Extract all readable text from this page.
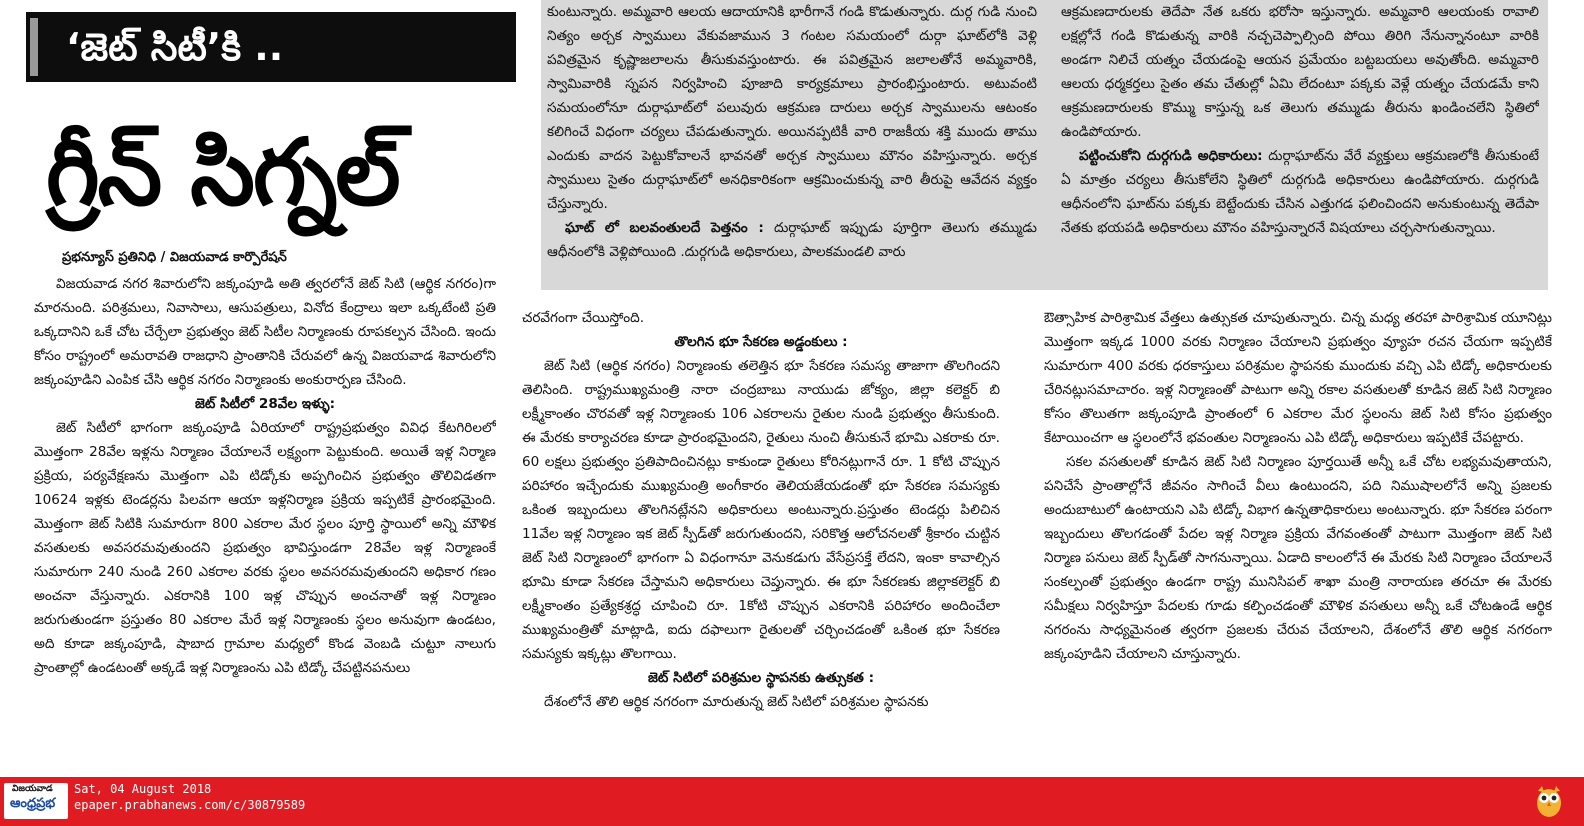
‘జెట్ సిటీ’కి ..
గ్రీన్ సిగ్నల్
ప్రభన్యూస్ ప్రతినిధి / విజయవాడ కార్పొరేషన్

విజయవాడ నగర శివారులోని జక్కంపూడి అతి త్వరలోనే జెట్ సిటి (ఆర్థిక నగరం)గా మారనుంది. పరిశ్రమలు, నివాసాలు, ఆసుపత్రులు, వినోద కేంద్రాలు ఇలా ఒక్కటేంటి ప్రతి ఒక్కదానిని ఒకే చోట చేర్చేలా ప్రభుత్వం జెట్ సిటీల నిర్మాణంకు రూపకల్పన చేసింది. ఇందు కోసం రాష్ట్రంలో అమరావతి రాజధాని ప్రాంతానికి చేరువలో ఉన్న విజయవాడ శివారులోని జక్కంపూడిని ఎంపిక చేసి ఆర్థిక నగరం నిర్మాణంకు అంకురార్పణ చేసింది.

జెట్ సిటీలో 28వేల ఇళ్ళు:

జెట్ సిటీలో భాగంగా జక్కంపూడి ఏరియాలో రాష్ట్రప్రభుత్వం వివిధ కేటగిరిలలో మొత్తంగా 28వేల ఇళ్లను నిర్మాణం చేయాలనే లక్ష్యంగా పెట్టుకుంది. అయితే ఇళ్ల నిర్మాణ ప్రక్రియ, పర్యవేక్షణను మొత్తంగా ఎపి టిడ్కోకు అప్పగించిన ప్రభుత్వం తొలివిడతగా 10624 ఇళ్లకు టెండర్లను పిలవగా ఆయా ఇళ్లనిర్మాణ ప్రక్రియ ఇప్పటికే ప్రారంభమైంది. మొత్తంగా జెట్ సిటికి సుమారుగా 800 ఎకరాల మేర స్థలం పూర్తి స్థాయిలో అన్ని మౌళిక వసతులకు అవసరమవుతుందని ప్రభుత్వం భావిస్తుండగా 28వేల ఇళ్ల నిర్మాణంకే సుమారుగా 240 నుండి 260 ఎకరాల వరకు స్థలం అవసరమవుతుందని అధికార గణం అంచనా వేస్తున్నారు. ఎకరానికి 100 ఇళ్ల చొప్పున అంచనాతో ఇళ్ల నిర్మాణం జరుగుతుండగా ప్రస్తుతం 80 ఎకరాల మేరే ఇళ్ల నిర్మాణంకు స్థలం అనువుగా ఉండటం, అది కూడా జక్కంపూడి, షాబాద గ్రామాల మధ్యలో కొండ వెంబడి చుట్టూ నాలుగు ప్రాంతాల్లో ఉండటంతో అక్కడే ఇళ్ల నిర్మాణంను ఎపి టిడ్కో చేపట్టినపనులు

కుంటున్నారు. అమ్మవారి ఆలయ ఆదాయానికి భారీగానే గండి కొడుతున్నారు. దుర్గ గుడి నుంచి నిత్యం అర్చక స్వాములు వేకువజామున 3 గంటల సమయంలో దుర్గా ఘాట్‌లోకి వెళ్లి పవిత్రమైన కృష్ణాజలాలను తీసుకువస్తుంటారు. ఈ పవిత్రమైన జలాలతోనే అమ్మవారికి, స్వామివారికి స్నపన నిర్వహించి పూజాది కార్యక్రమాలు ప్రారంభిస్తుంటారు. అటువంటి సమయంలోనూ దుర్గాఘాట్‌లో పలువురు ఆక్రమణ దారులు అర్చక స్వాములను ఆటంకం కలిగించే విధంగా చర్యలు చేపడుతున్నారు. అయినప్పటికీ వారి రాజకీయ శక్తి ముందు తాము ఎందుకు వాదన పెట్టుకోవాలనే భావనతో అర్చక స్వాములు మౌనం వహిస్తున్నారు. అర్చక స్వాములు సైతం దుర్గాఘాట్‌లో అనధికారికంగా ఆక్రమించుకున్న వారి తీరుపై ఆవేదన వ్యక్తం చేస్తున్నారు.

ఘాట్ లో బలవంతులదే పెత్తనం : దుర్గాఘాట్ ఇప్పుడు పూర్తిగా తెలుగు తమ్ముడు ఆధీనంలోకి వెళ్లిపోయింది .దుర్గగుడి అధికారులు, పాలకమండలి వారు

ఆక్రమణదారులకు తెదేపా నేత ఒకరు భరోసా ఇస్తున్నారు. అమ్మవారి ఆలయంకు రావాలి లక్షల్లోనే గండి కొడుతున్న వారికి నచ్చచెప్పాల్సింది పోయి తిరిగి నేనున్నానంటూ వారికి అండగా నిలిచే యత్నం చేయడంపై ఆయన ప్రమేయం బట్టబయలు అవుతోంది. అమ్మవారి ఆలయ ధర్మకర్తలు సైతం తమ చేతుల్లో ఏమి లేదంటూ పక్కకు వెళ్లే యత్నం చేయడమే కాని ఆక్రమణదారులకు కొమ్ము కాస్తున్న ఒక తెలుగు తమ్ముడు తీరును ఖండించలేని స్థితిలో ఉండిపోయారు.

పట్టించుకోని దుర్గగుడి అధికారులు: దుర్గాఘాట్‌ను వేరే వ్యక్తులు ఆక్రమణలోకి తీసుకుంటే ఏ మాత్రం చర్యలు తీసుకోలేని స్థితిలో దుర్గగుడి అధికారులు ఉండిపోయారు. దుర్గగుడి ఆధీనంలోని ఘాట్‌ను పక్కకు బెట్టేందుకు చేసిన ఎత్తుగడ ఫలించిందని అనుకుంటున్న తెదేపా నేతకు భయపడి అధికారులు మౌనం వహిస్తున్నారనే విషయాలు చర్చసాగుతున్నాయి.

చరవేగంగా చేయిస్తోంది.

తొలగిన భూ సేకరణ అడ్డంకులు :

జెట్ సిటి (ఆర్థిక నగరం) నిర్మాణంకు తలెత్తిన భూ సేకరణ సమస్య తాజాగా తొలగిందని తెలిసింది. రాష్ట్రముఖ్యమంత్రి నారా చంద్రబాబు నాయుడు జోక్యం, జిల్లా కలెక్టర్ బి లక్ష్మీకాంతం చొరవతో ఇళ్ల నిర్మాణంకు 106 ఎకరాలను రైతుల నుండి ప్రభుత్వం తీసుకుంది. ఈ మేరకు కార్యాచరణ కూడా ప్రారంభమైందని, రైతులు నుంచి తీసుకునే భూమి ఎకరాకు రూ. 60 లక్షలు ప్రభుత్వం ప్రతిపాదించినట్లు కాకుండా రైతులు కోరినట్లుగానే రూ. 1 కోటి చొప్పున పరిహారం ఇచ్చేందుకు ముఖ్యమంత్రి అంగీకారం తెలియజేయడంతో భూ సేకరణ సమస్యకు ఒకింత ఇబ్బందులు తొలగినట్లేనని అధికారులు అంటున్నారు.ప్రస్తుతం టెండర్లు పిలిచిన 11వేల ఇళ్ల నిర్మాణం ఇక జెట్ స్పీడ్‌తో జరుగుతుందని, సరికొత్త ఆలోచనలతో శ్రీకారం చుట్టిన జెట్ సిటి నిర్మాణంలో భాగంగా ఏ విధంగానూ వెనుకడుగు వేసేప్రసక్తే లేదని, ఇంకా కావాల్సిన భూమి కూడా సేకరణ చేస్తామని అధికారులు చెప్తున్నారు. ఈ భూ సేకరణకు జిల్లాకలెక్టర్ బి లక్ష్మీకాంతం ప్రత్యేకశ్రద్ధ చూపించి రూ. 1కోటి చొప్పున ఎకరానికి పరిహారం అందించేలా ముఖ్యమంత్రితో మాట్లాడి, ఐదు దఫాలుగా రైతులతో చర్చించడంతో ఒకింత భూ సేకరణ సమస్యకు ఇక్కట్లు తొలగాయి.

జెట్ సిటిలో పరిశ్రమల స్థాపనకు ఉత్సుకత :

దేశంలోనే తొలి ఆర్థిక నగరంగా మారుతున్న జెట్ సిటిలో పరిశ్రమల స్థాపనకు

ఔత్సాహిక పారిశ్రామిక వేత్తలు ఉత్సుకత చూపుతున్నారు. చిన్న మధ్య తరహా పారిశ్రామిక యూనిట్లు మొత్తంగా ఇక్కడ 1000 వరకు నిర్మాణం చేయాలని ప్రభుత్వం వ్యూహ రచన చేయగా ఇప్పటికే సుమారుగా 400 వరకు ధరకాస్తులు పరిశ్రమల స్థాపనకు ముందుకు వచ్చి ఎపి టిడ్కో అధికారులకు చేరినట్లుసమాచారం. ఇళ్ల నిర్మాణంతో పాటుగా అన్ని రకాల వసతులతో కూడిన జెట్ సిటి నిర్మాణం కోసం తొలుతగా జక్కంపూడి ప్రాంతంలో 6 ఎకరాల మేర స్థలంను జెట్ సిటి కోసం ప్రభుత్వం కేటాయించగా ఆ స్థలంలోనే భవంతుల నిర్మాణంను ఎపి టిడ్కో అధికారులు ఇప్పటికే చేపట్టారు.

సకల వసతులతో కూడిన జెట్ సిటి నిర్మాణం పూర్తయితే అన్నీ ఒకే చోట లభ్యమవుతాయని, పనిచేసే ప్రాంతాల్లోనే జీవనం సాగించే వీలు ఉంటుందని, పది నిముషాలలోనే అన్ని ప్రజలకు అందుబాటులో ఉంటాయని ఎపి టిడ్కో విభాగ ఉన్నతాధికారులు అంటున్నారు. భూ సేకరణ పరంగా ఇబ్బందులు తొలగడంతో పేదల ఇళ్ల నిర్మాణ ప్రక్రియ వేగవంతంతో పాటుగా మొత్తంగా జెట్ సిటి నిర్మాణ పనులు జెట్ స్పీడ్‌తో సాగనున్నాయి. ఏడాది కాలంలోనే ఈ మేరకు సిటి నిర్మాణం చేయాలనే సంకల్పంతో ప్రభుత్వం ఉండగా రాష్ట్ర మునిసిపల్ శాఖా మంత్రి నారాయణ తరచూ ఈ మేరకు సమీక్షలు నిర్వహిస్తూ పేదలకు గూడు కల్పించడంతో మౌళిక వసతులు అన్నీ ఒకే చోటఉండే ఆర్థిక నగరంను సాధ్యమైనంత త్వరగా ప్రజలకు చేరువ చేయాలని, దేశంలోనే తొలి ఆర్థిక నగరంగా జక్కంపూడిని చేయాలని చూస్తున్నారు.

విజయవాడ
ఆంధ్రప్రభ
Sat, 04 August 2018
epaper.prabhanews.com/c/30879589
